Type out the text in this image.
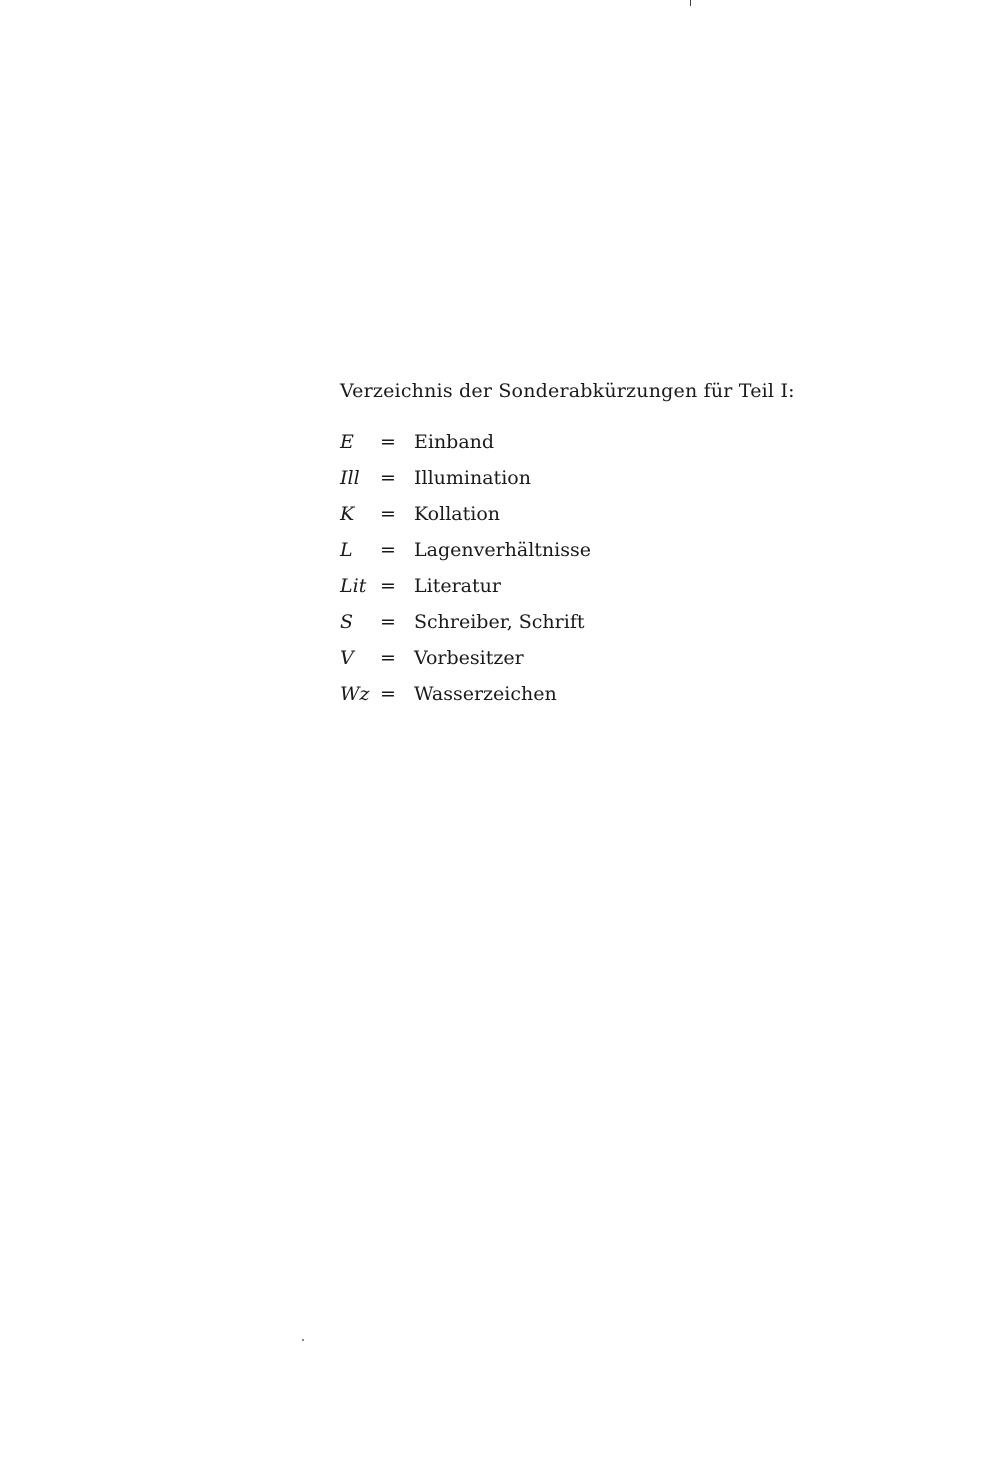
Verzeichnis der Sonderabkürzungen für Teil I:
E	= Einband
Ill	= Illumination
K	= Kollation
L	= Lagenverhältnisse
Lit = Literatur
S	= Schreiber, Schrift
V	= Vorbesitzer
Wz = Wasserzeichen
